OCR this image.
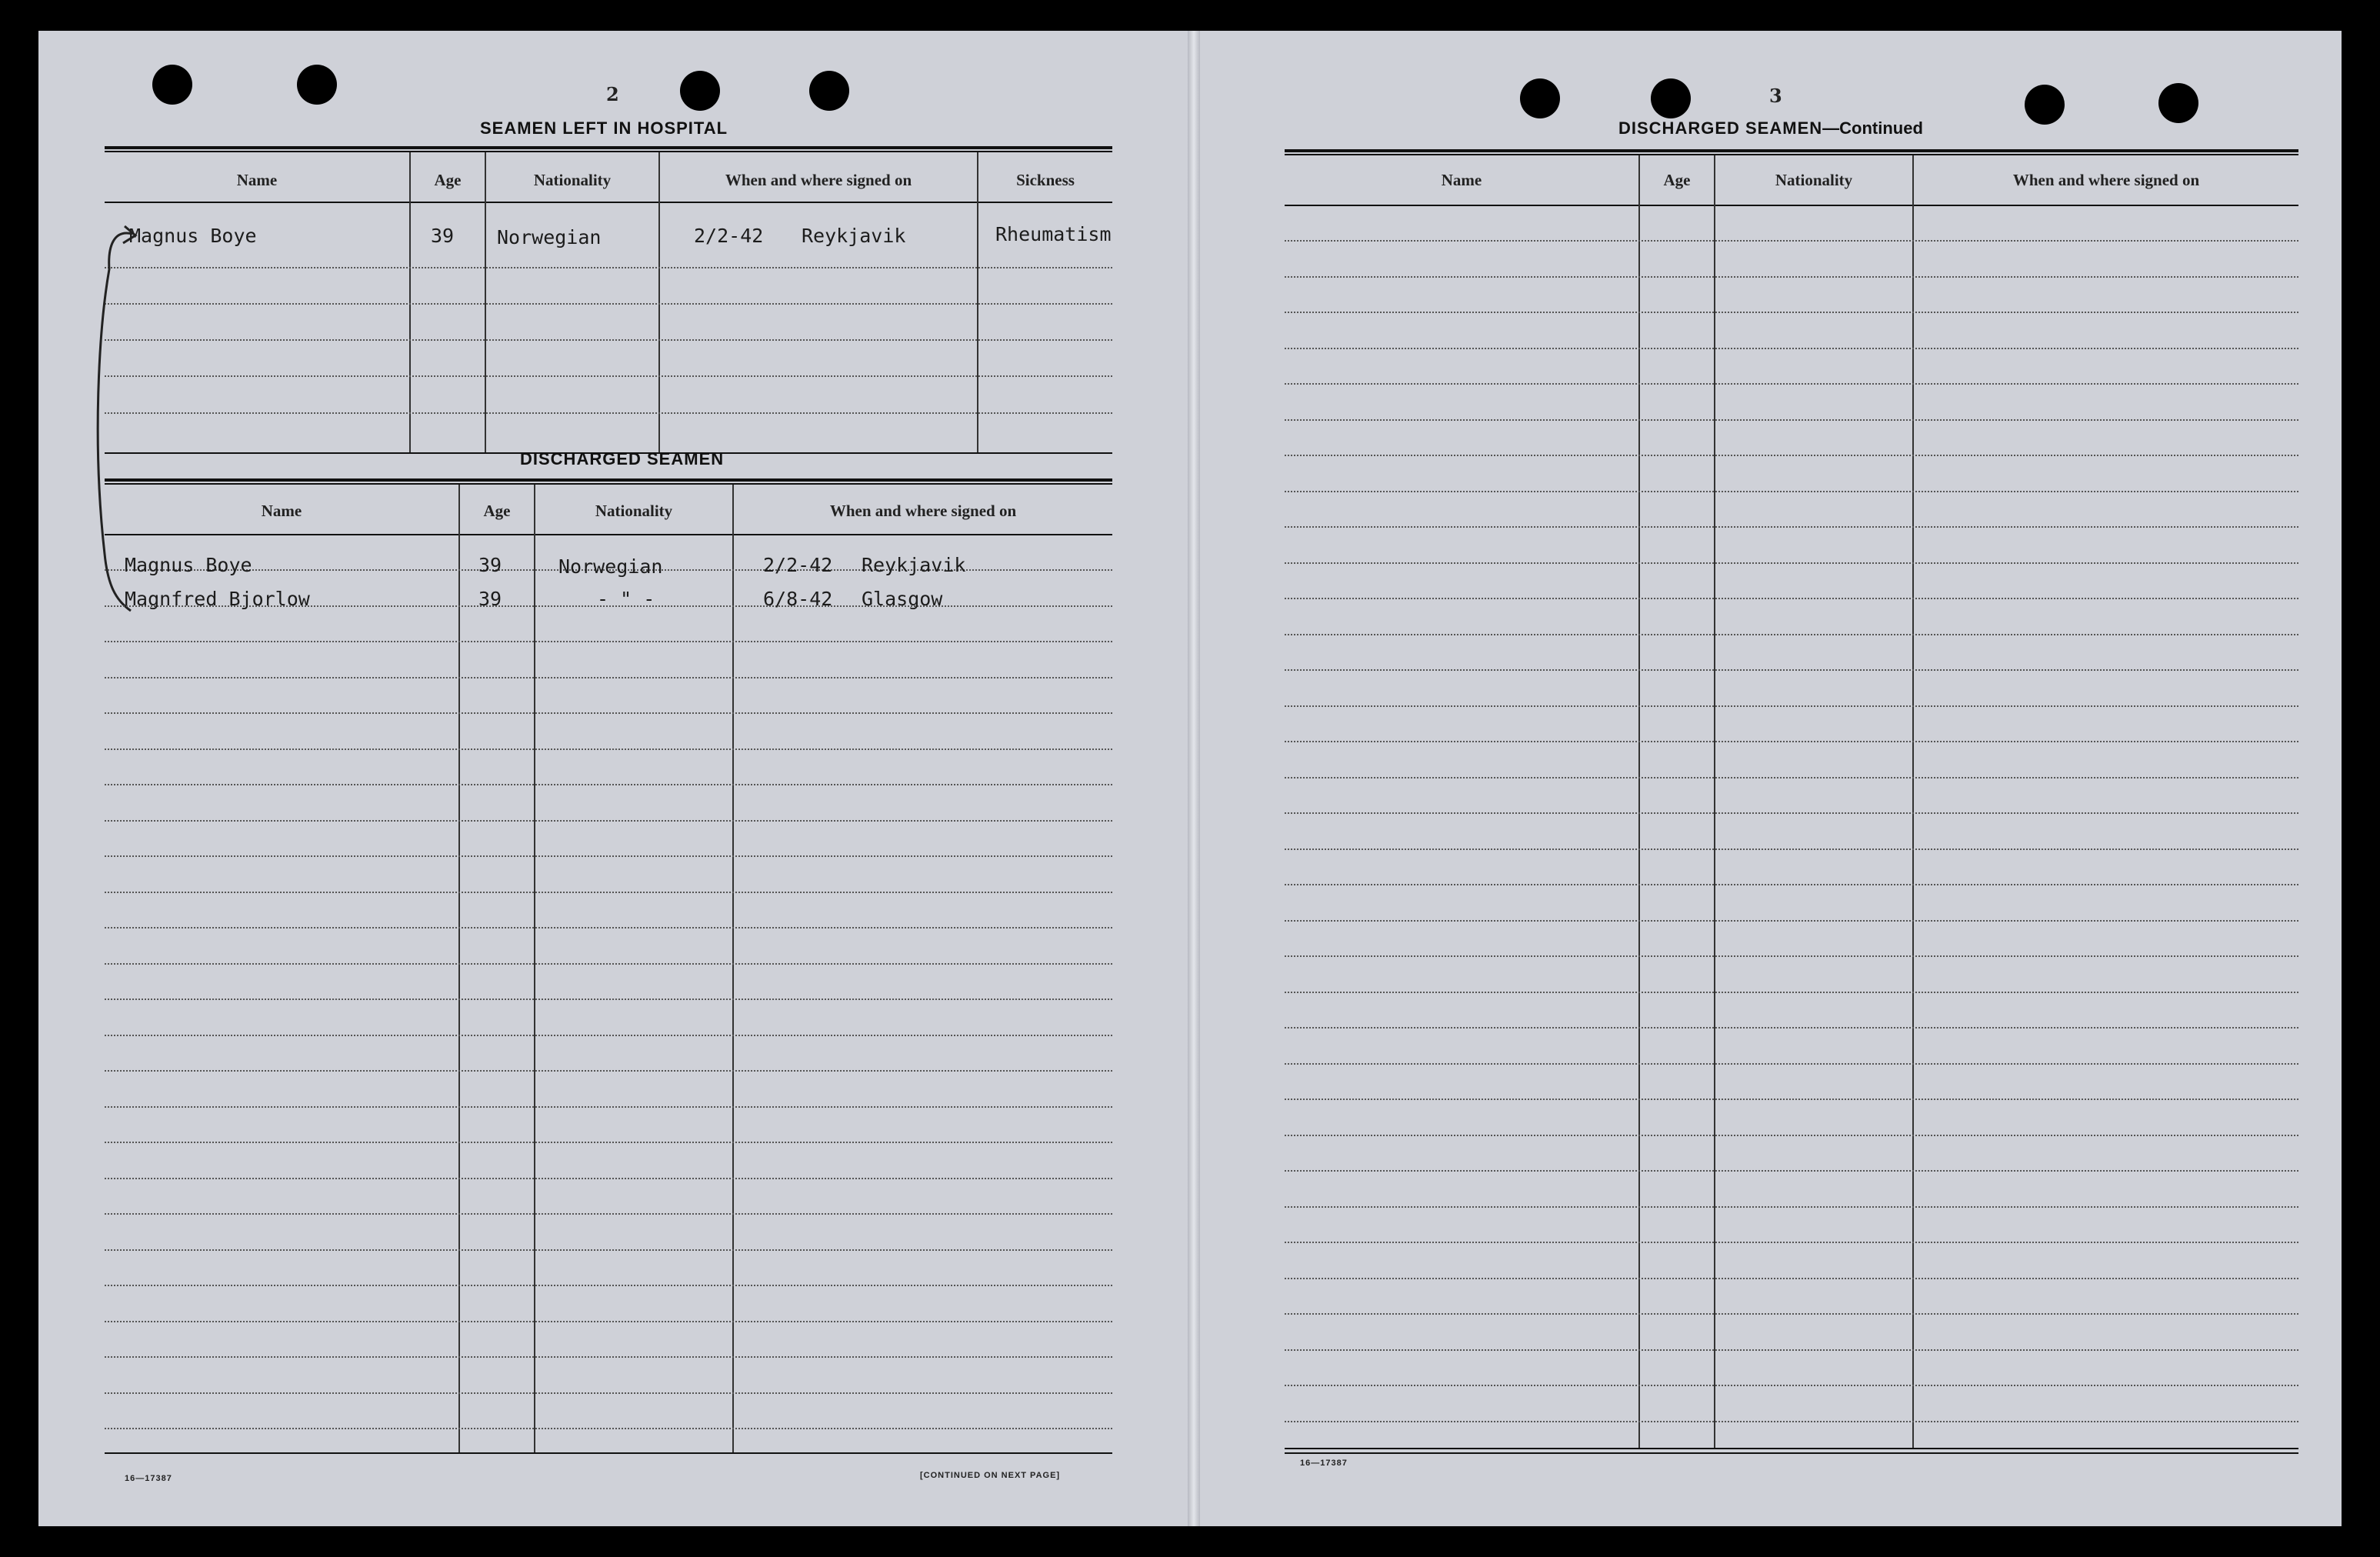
2
SEAMEN LEFT IN HOSPITAL
Name	Age	Nationality	When and where signed on	Sickness
Magnus Boye	39 Norwegian	2/2-42 Reykjavik	Rheumatism
DISCHARGED SEAMEN
Name	Age	Nationality	When and where signed on
Magnus Boye	39	Norwegian	2/2-42 Reykjavik
Magnfred Bjorlow	39	- " -	6/8-42 Glasgow
16—17387	[CONTINUED ON NEXT PAGE]
3
DISCHARGED SEAMEN—Continued
Name	Age	Nationality	When and where signed on
16—17387
